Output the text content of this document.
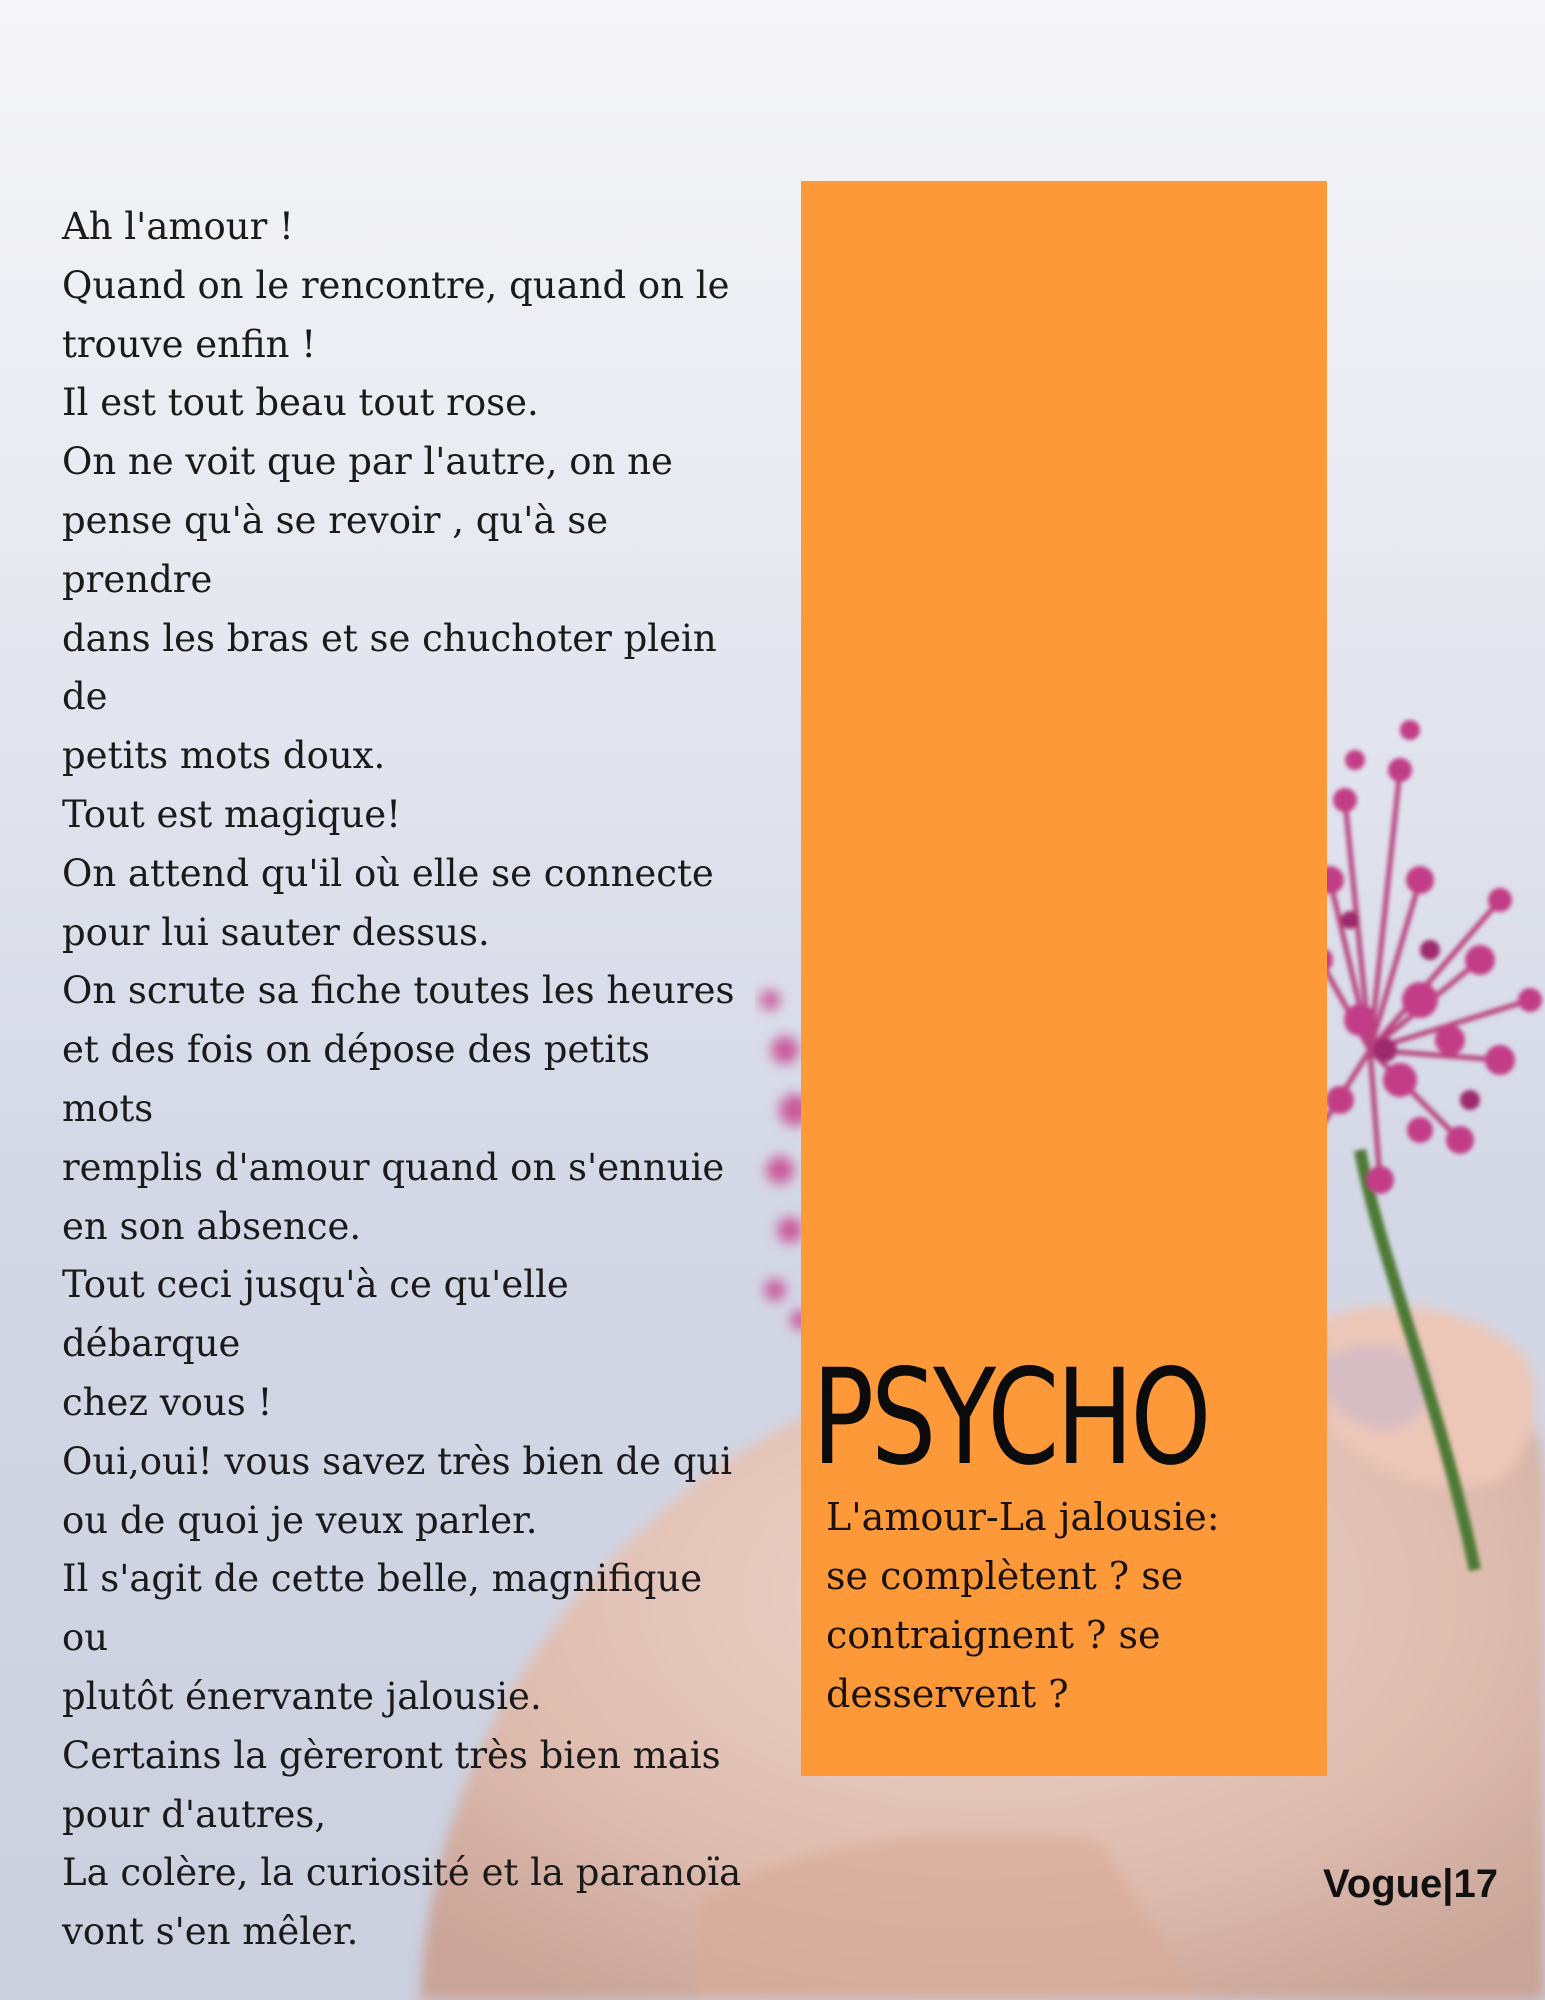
Ah l'amour !

Quand on le rencontre, quand on le

trouve enfin !

Il est tout beau tout rose.

On ne voit que par l'autre, on ne

pense qu'à se revoir , qu'à se prendre

dans les bras et se chuchoter plein de

petits mots doux.

Tout est magique!

On attend qu'il où elle se connecte

pour lui sauter dessus.

On scrute sa fiche toutes les heures

et des fois on dépose des petits mots

remplis d'amour quand on s'ennuie

en son absence.

Tout ceci jusqu'à ce qu'elle débarque

chez vous !

Oui,oui! vous savez très bien de qui

ou de quoi je veux parler.

Il s'agit de cette belle, magnifique ou

plutôt énervante jalousie.

Certains la gèreront très bien mais

pour d'autres,

La colère, la curiosité et la paranoïa

vont s'en mêler.

PSYCHO

L'amour-La jalousie:

se complètent ? se

contraignent ? se

desservent ?

Vogue|17
